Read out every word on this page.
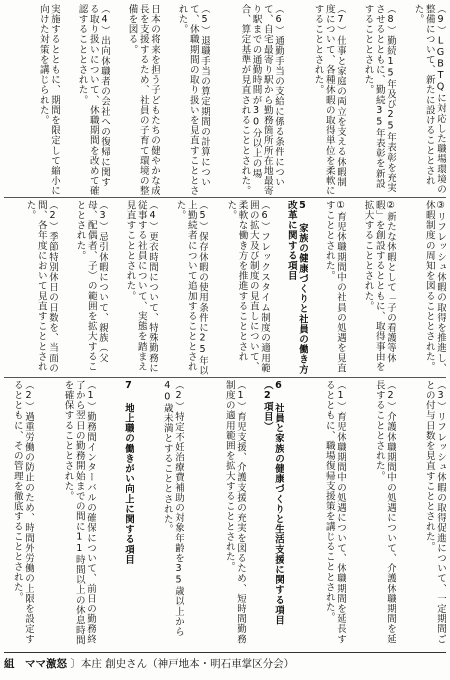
（9）LGBTQに対応した職場環境の整備について、新たに設けることとされた。

（8）勤続15年及び25年表彰を充実させるとともに、勤続35年表彰を新設することとされた。

（7）仕事と家庭の両立を支える休暇制度について、各種休暇の取得単位を柔軟にすることとされた。

（6）通勤手当の支給に係る条件について、自宅最寄り駅から勤務箇所所在地最寄り駅までの通勤時間が30分以上の場合、算定基準が見直されることとされた。

（5）退職手当の算定期間の計算について、休職期間の取り扱いを見直すこととされた。

日本の将来を担う子どもたちの健やかな成長を支援するため、社員の子育て環境の整備を図る。

（4）出向休職者の会社への復帰に関する取り扱いについて、休職期間を改めて確認することとされた。

実施するとともに、期間を限定して縮小に向けた対策を講じられた。

③リフレッシュ休暇の取得を推進し、休暇制度の周知を図ることとされた。

②新たな休暇として「子の看護等休暇」を創設するとともに、取得事由を拡大することとされた。

①育児休職期間中の社員の処遇を見直すこととされた。

5 家族の健康づくりと社員の働き方改革に関する項目

（6）フレックスタイム制度の適用範囲の拡大及び制度の見直しについて、柔軟な働き方を推進することとされた。

（5）保存休暇の使用条件に25年以上勤続者について追加することとされた。

（4）更衣時間について、特殊勤務に従事する社員について、実態を踏まえ見直すこととされた。

（3）忌引休暇について、親族（父母、配偶者、子）の範囲を拡大することとされた。

（2）季節特別休日の日数を、当面の間、各年度において見直すこととされた。

（3）リフレッシュ休暇の取得促進について、一定期間ごとの付与日数を見直すこととされた。

（2）介護休職期間中の処遇について、介護休職期間を延長することとされた。

（1）育児休職期間中の処遇について、休職期間を延長するとともに、職場復帰支援策を講じることとされた。

6 社員と家族の健康づくりと生活支援に関する項目（2項目）

（1）育児支援、介護支援の充実を図るため、短時間勤務制度の適用範囲を拡大することとされた。

（2）特定不妊治療費補助の対象年齢を35歳以上から40歳未満とすることとされた。

7 地上職の働きがい向上に関する項目

（1）勤務間インターバルの確保について、前日の勤務終了から翌日の勤務開始までの間に11時間以上の休息時間を確保することとされた。

（2）過重労働の防止のため、時間外労働の上限を設定するとともに、その管理を徹底することとされた。

組　ママ激怒 〕本庄 創史さん（神戸地本・明石車掌区分会）
